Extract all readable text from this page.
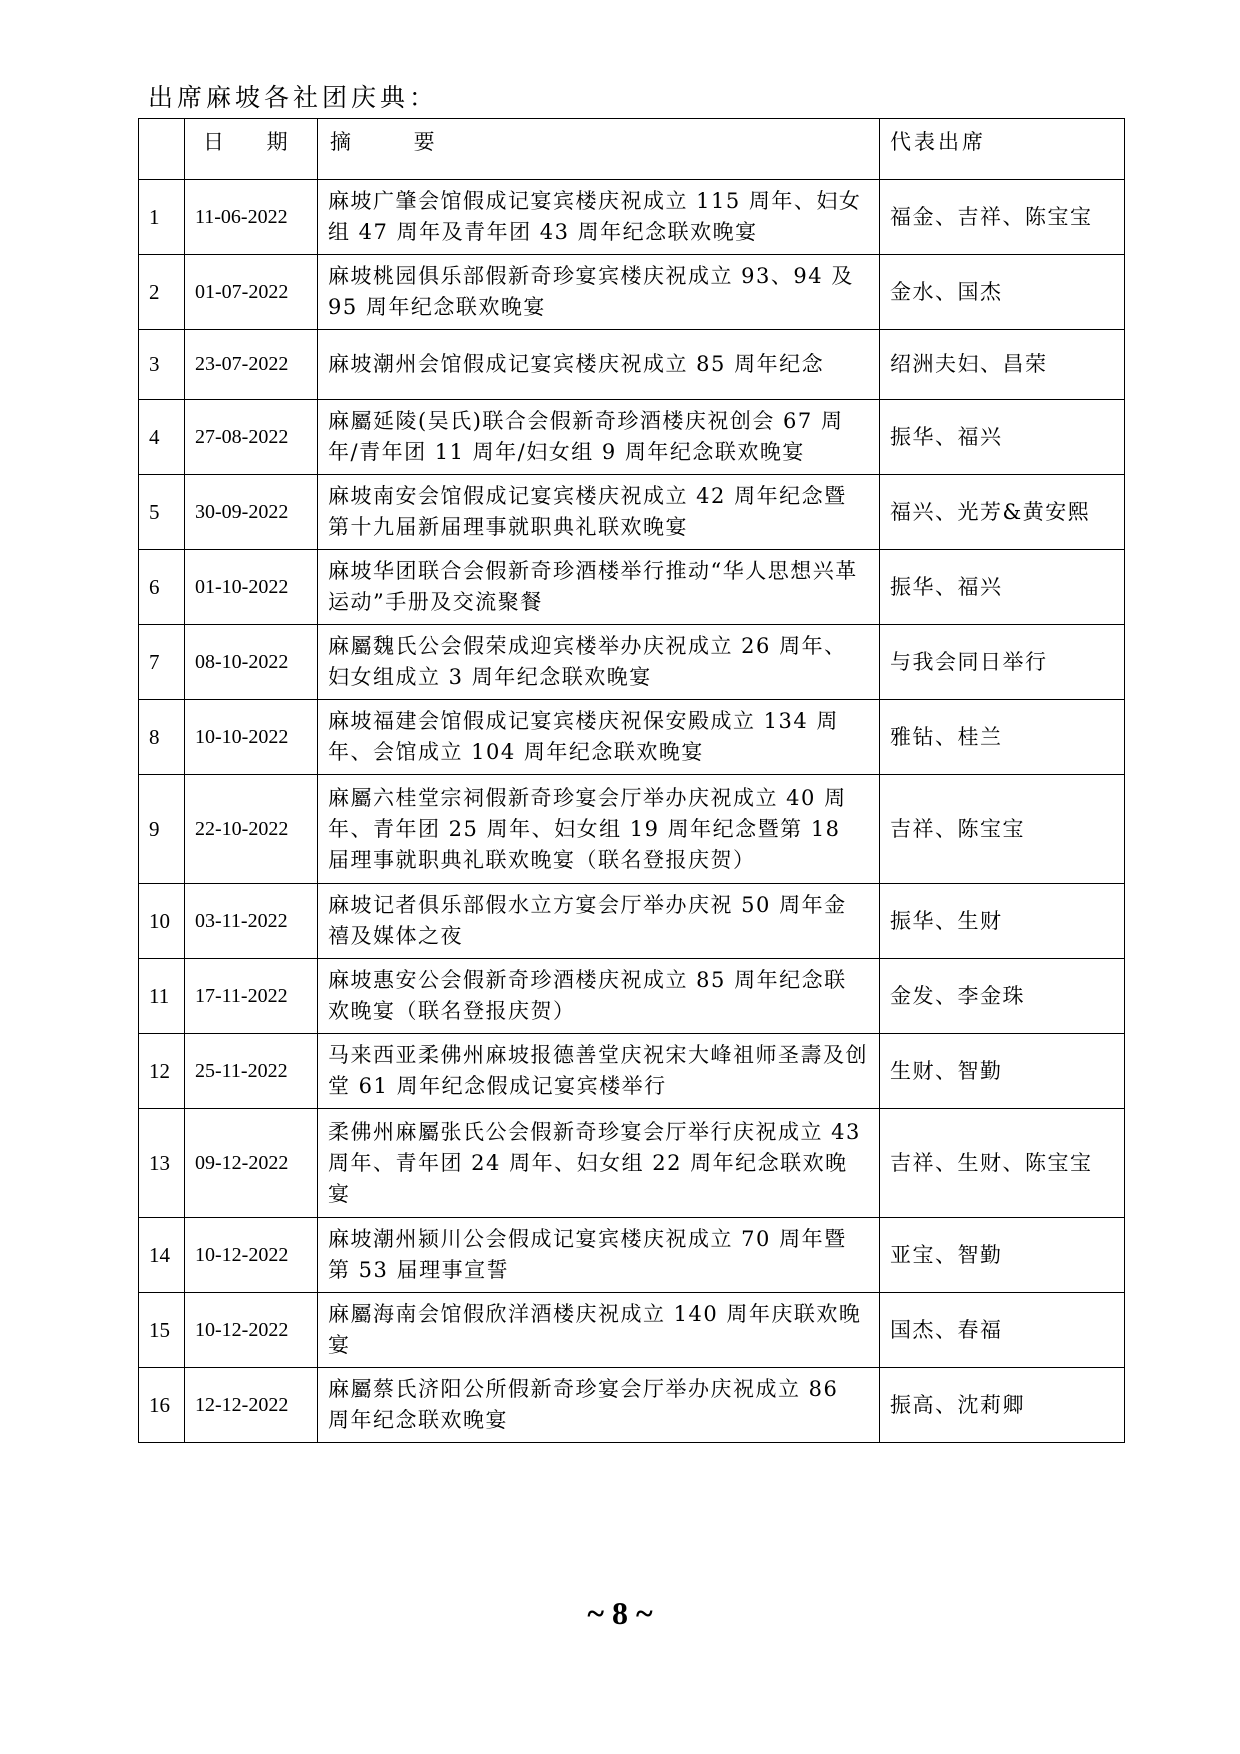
出席麻坡各社团庆典：
	日 期	摘 要	代表出席
1	11-06-2022	麻坡广肇会馆假成记宴宾楼庆祝成立 115 周年、妇女组 47 周年及青年团 43 周年纪念联欢晚宴	福金、吉祥、陈宝宝
2	01-07-2022	麻坡桃园俱乐部假新奇珍宴宾楼庆祝成立 93、94 及 95 周年纪念联欢晚宴	金水、国杰
3	23-07-2022	麻坡潮州会馆假成记宴宾楼庆祝成立 85 周年纪念	绍洲夫妇、昌荣
4	27-08-2022	麻屬延陵(吴氏)联合会假新奇珍酒楼庆祝创会 67 周年/青年团 11 周年/妇女组 9 周年纪念联欢晚宴	振华、福兴
5	30-09-2022	麻坡南安会馆假成记宴宾楼庆祝成立 42 周年纪念暨第十九届新届理事就职典礼联欢晚宴	福兴、光芳&黄安熙
6	01-10-2022	麻坡华团联合会假新奇珍酒楼举行推动“华人思想兴革运动”手册及交流聚餐	振华、福兴
7	08-10-2022	麻屬魏氏公会假荣成迎宾楼举办庆祝成立 26 周年、妇女组成立 3 周年纪念联欢晚宴	与我会同日举行
8	10-10-2022	麻坡福建会馆假成记宴宾楼庆祝保安殿成立 134 周年、会馆成立 104 周年纪念联欢晚宴	雅钻、桂兰
9	22-10-2022	麻屬六桂堂宗祠假新奇珍宴会厅举办庆祝成立 40 周年、青年团 25 周年、妇女组 19 周年纪念暨第 18 届理事就职典礼联欢晚宴（联名登报庆贺）	吉祥、陈宝宝
10	03-11-2022	麻坡记者俱乐部假水立方宴会厅举办庆祝 50 周年金禧及媒体之夜	振华、生财
11	17-11-2022	麻坡惠安公会假新奇珍酒楼庆祝成立 85 周年纪念联欢晚宴（联名登报庆贺）	金发、李金珠
12	25-11-2022	马来西亚柔佛州麻坡报德善堂庆祝宋大峰祖师圣壽及创堂 61 周年纪念假成记宴宾楼举行	生财、智勤
13	09-12-2022	柔佛州麻屬张氏公会假新奇珍宴会厅举行庆祝成立 43 周年、青年团 24 周年、妇女组 22 周年纪念联欢晚宴	吉祥、生财、陈宝宝
14	10-12-2022	麻坡潮州颍川公会假成记宴宾楼庆祝成立 70 周年暨第 53 届理事宣誓	亚宝、智勤
15	10-12-2022	麻屬海南会馆假欣洋酒楼庆祝成立 140 周年庆联欢晚宴	国杰、春福
16	12-12-2022	麻屬蔡氏济阳公所假新奇珍宴会厅举办庆祝成立 86 周年纪念联欢晚宴	振高、沈莉卿

~ 8 ~
